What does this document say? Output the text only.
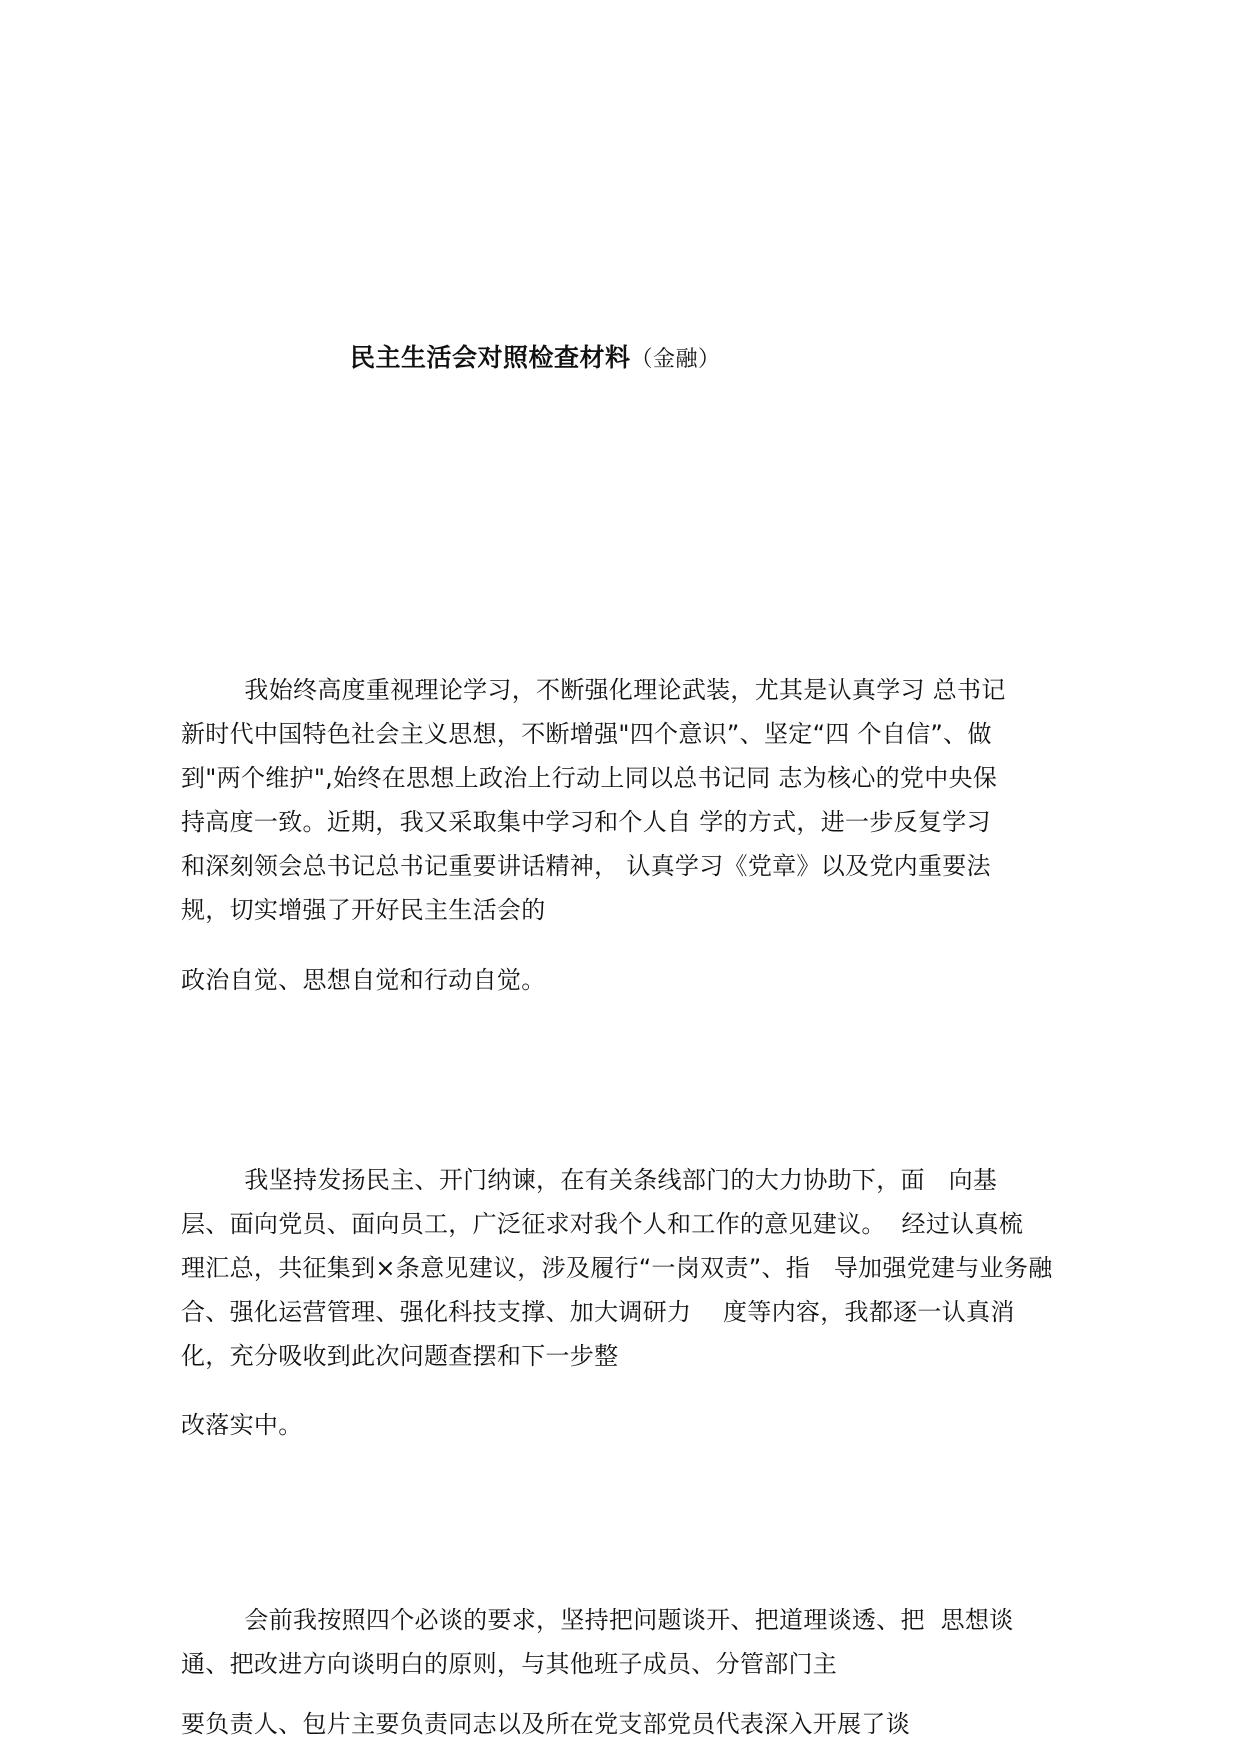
民主生活会对照检查材料（金融）

我始终高度重视理论学习，不断强化理论武装，尤其是认真学习 总书记
新时代中国特色社会主义思想，不断增强"四个意识”、坚定“四 个自信”、做
到"两个维护",始终在思想上政治上行动上同以总书记同 志为核心的党中央保
持高度一致。近期，我又采取集中学习和个人自 学的方式，进一步反复学习
和深刻领会总书记总书记重要讲话精神， 认真学习《党章》以及党内重要法
规，切实增强了开好民主生活会的

政治自觉、思想自觉和行动自觉。

我坚持发扬民主、开门纳谏，在有关条线部门的大力协助下，面   向基
层、面向党员、面向员工，广泛征求对我个人和工作的意见建议。  经过认真梳
理汇总，共征集到×条意见建议，涉及履行“一岗双责”、指   导加强党建与业务融
合、强化运营管理、强化科技支撑、加大调研力    度等内容，我都逐一认真消
化，充分吸收到此次问题查摆和下一步整

改落实中。

会前我按照四个必谈的要求，坚持把问题谈开、把道理谈透、把  思想谈
通、把改进方向谈明白的原则，与其他班子成员、分管部门主

要负责人、包片主要负责同志以及所在党支部党员代表深入开展了谈
